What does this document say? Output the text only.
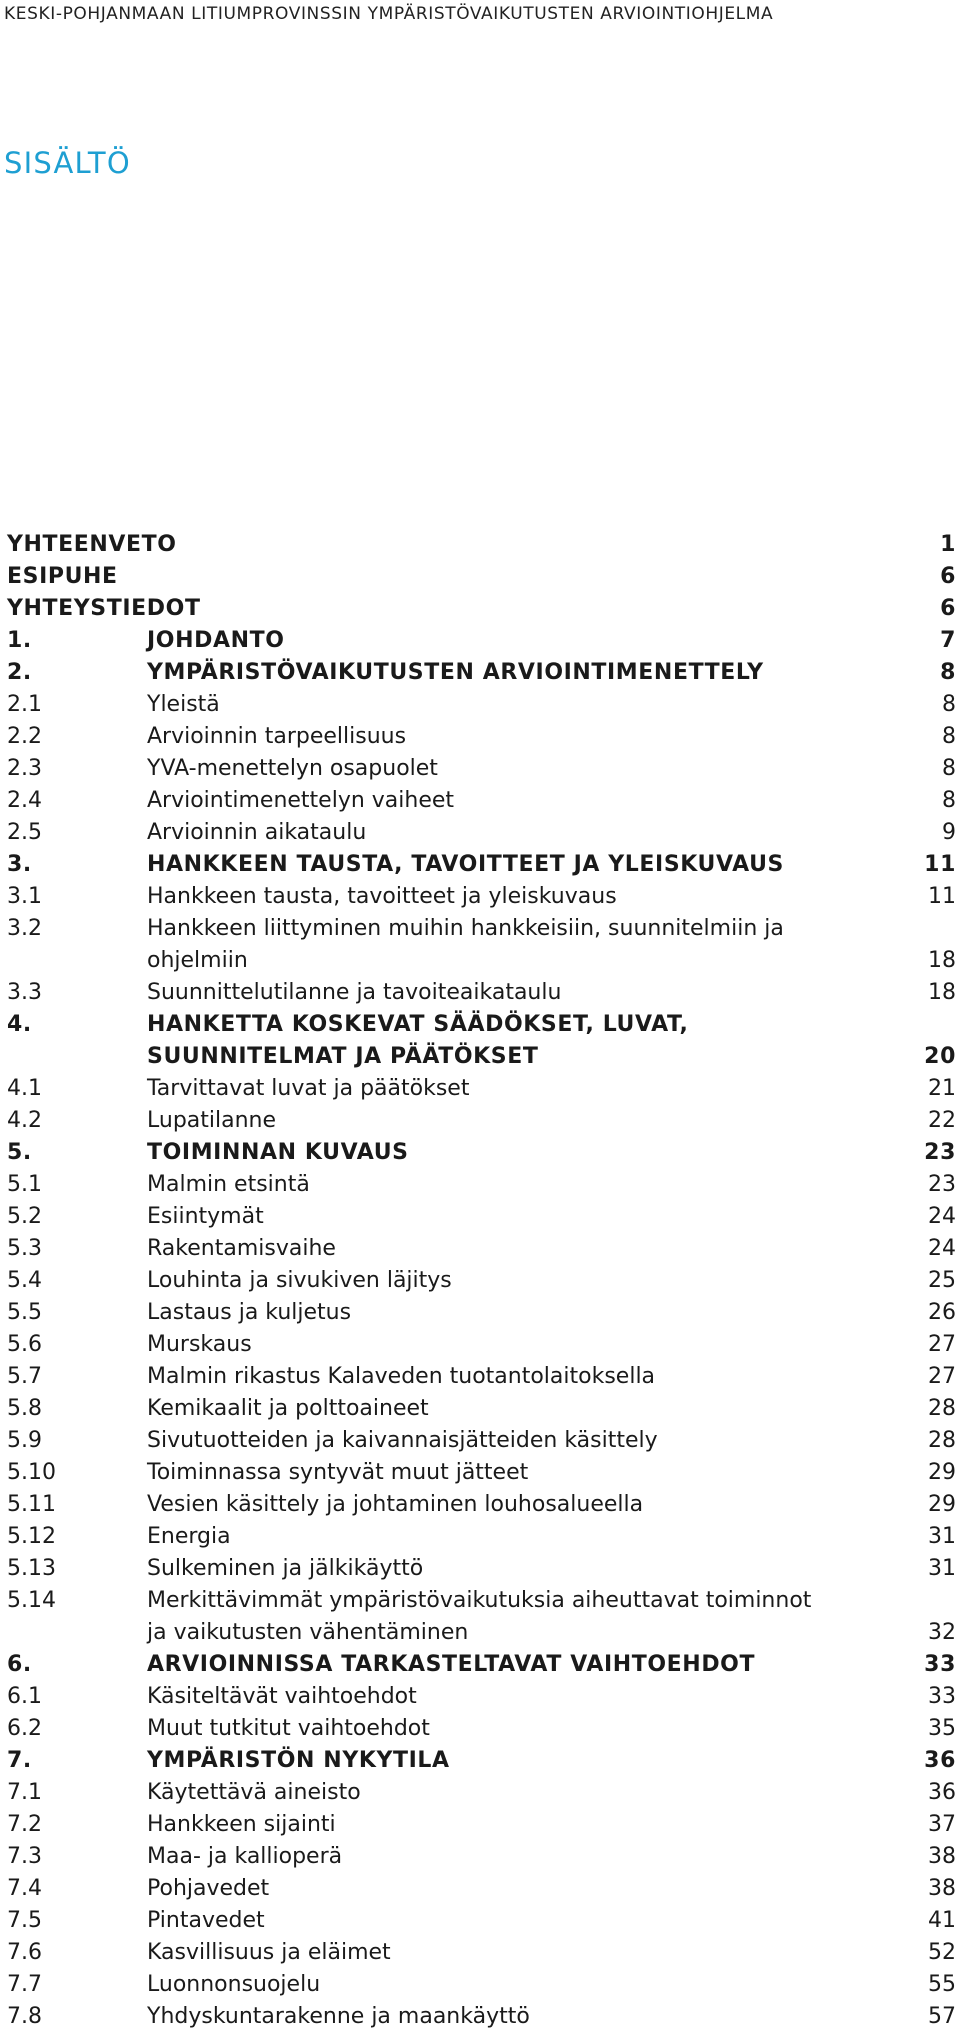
KESKI-POHJANMAAN LITIUMPROVINSSIN YMPÄRISTÖVAIKUTUSTEN ARVIOINTIOHJELMA
SISÄLTÖ
YHTEENVETO	1
ESIPUHE	6
YHTEYSTIEDOT	6
1.	JOHDANTO	7
2.	YMPÄRISTÖVAIKUTUSTEN ARVIOINTIMENETTELY	8
2.1	Yleistä	8
2.2	Arvioinnin tarpeellisuus	8
2.3	YVA-menettelyn osapuolet	8
2.4	Arviointimenettelyn vaiheet	8
2.5	Arvioinnin aikataulu	9
3.	HANKKEEN TAUSTA, TAVOITTEET JA YLEISKUVAUS	11
3.1	Hankkeen tausta, tavoitteet ja yleiskuvaus	11
3.2	Hankkeen liittyminen muihin hankkeisiin, suunnitelmiin ja
ohjelmiin	18
3.3	Suunnittelutilanne ja tavoiteaikataulu	18
4.	HANKETTA KOSKEVAT SÄÄDÖKSET, LUVAT,
SUUNNITELMAT JA PÄÄTÖKSET	20
4.1	Tarvittavat luvat ja päätökset	21
4.2	Lupatilanne	22
5.	TOIMINNAN KUVAUS	23
5.1	Malmin etsintä	23
5.2	Esiintymät	24
5.3	Rakentamisvaihe	24
5.4	Louhinta ja sivukiven läjitys	25
5.5	Lastaus ja kuljetus	26
5.6	Murskaus	27
5.7	Malmin rikastus Kalaveden tuotantolaitoksella	27
5.8	Kemikaalit ja polttoaineet	28
5.9	Sivutuotteiden ja kaivannaisjätteiden käsittely	28
5.10	Toiminnassa syntyvät muut jätteet	29
5.11	Vesien käsittely ja johtaminen louhosalueella	29
5.12	Energia	31
5.13	Sulkeminen ja jälkikäyttö	31
5.14	Merkittävimmät ympäristövaikutuksia aiheuttavat toiminnot
ja vaikutusten vähentäminen	32
6.	ARVIOINNISSA TARKASTELTAVAT VAIHTOEHDOT	33
6.1	Käsiteltävät vaihtoehdot	33
6.2	Muut tutkitut vaihtoehdot	35
7.	YMPÄRISTÖN NYKYTILA	36
7.1	Käytettävä aineisto	36
7.2	Hankkeen sijainti	37
7.3	Maa- ja kallioperä	38
7.4	Pohjavedet	38
7.5	Pintavedet	41
7.6	Kasvillisuus ja eläimet	52
7.7	Luonnonsuojelu	55
7.8	Yhdyskuntarakenne ja maankäyttö	57
